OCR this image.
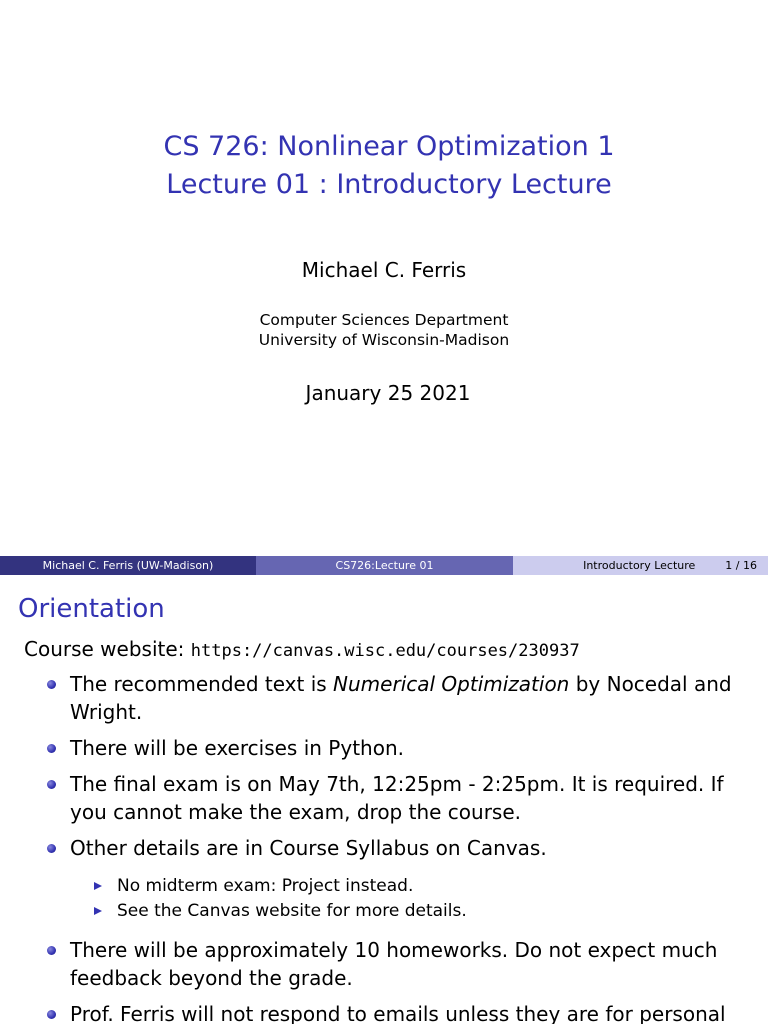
CS 726: Nonlinear Optimization 1
Lecture 01 : Introductory Lecture
Michael C. Ferris
Computer Sciences Department
University of Wisconsin-Madison
January 25 2021
Michael C. Ferris (UW-Madison)	CS726:Lecture 01	Introductory Lecture	1 / 16
Orientation
Course website: https://canvas.wisc.edu/courses/230937
The recommended text is Numerical Optimization by Nocedal and Wright.
There will be exercises in Python.
The final exam is on May 7th, 12:25pm - 2:25pm. It is required. If you cannot make the exam, drop the course.
Other details are in Course Syllabus on Canvas.
No midterm exam: Project instead.
See the Canvas website for more details.
There will be approximately 10 homeworks. Do not expect much feedback beyond the grade.
Prof. Ferris will not respond to emails unless they are for personal
